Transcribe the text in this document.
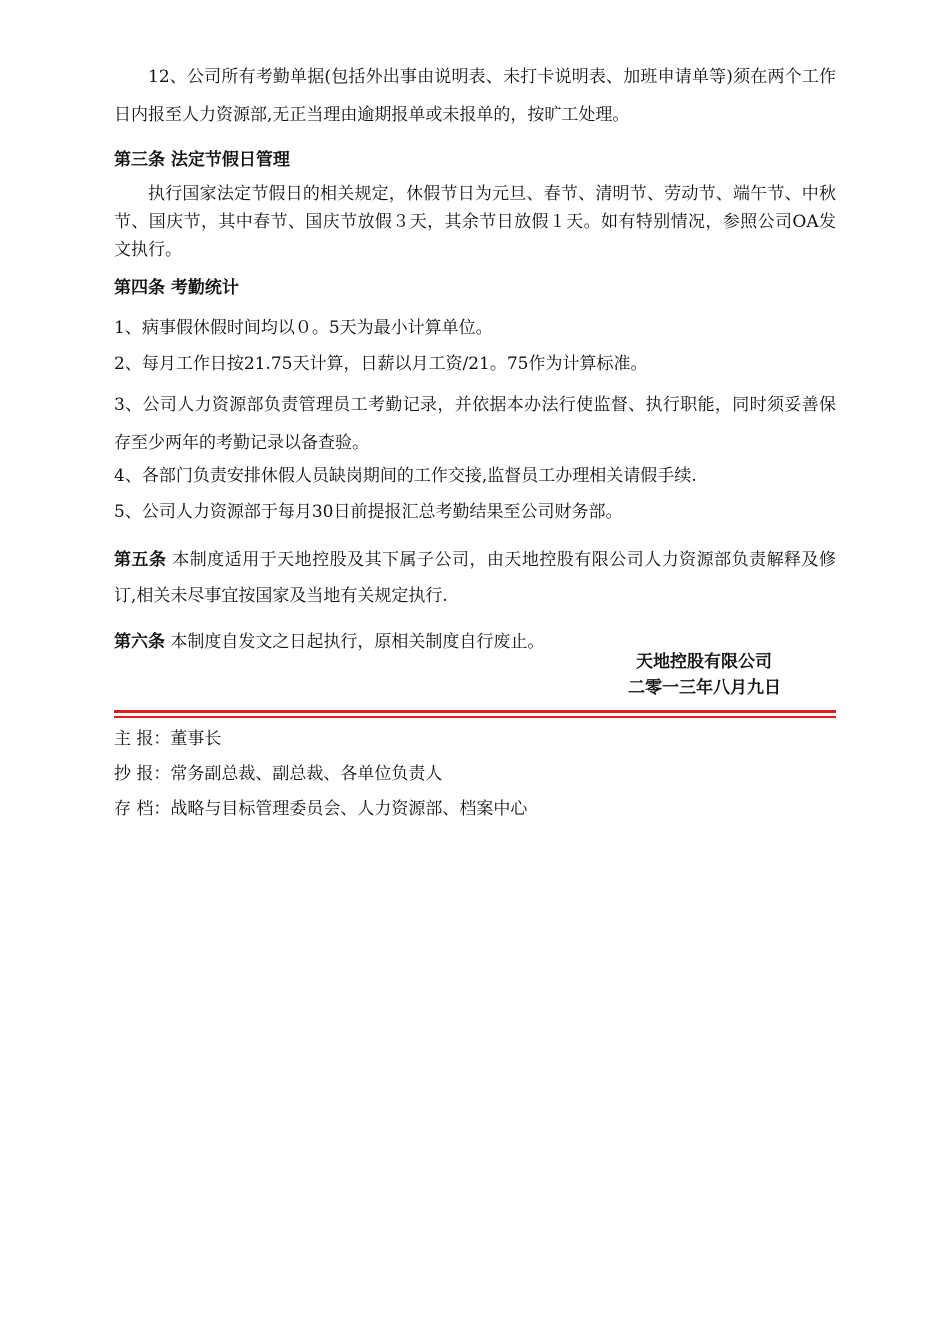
12、公司所有考勤单据(包括外出事由说明表、未打卡说明表、加班申请单等)须在两个工作日内报至人力资源部,无正当理由逾期报单或未报单的，按旷工处理。

第三条 法定节假日管理

执行国家法定节假日的相关规定，休假节日为元旦、春节、清明节、劳动节、端午节、中秋节、国庆节，其中春节、国庆节放假３天，其余节日放假１天。如有特别情况，参照公司OA发文执行。

第四条 考勤统计

1、病事假休假时间均以０。5天为最小计算单位。

2、每月工作日按21.75天计算，日薪以月工资/21。75作为计算标准。

3、公司人力资源部负责管理员工考勤记录，并依据本办法行使监督、执行职能，同时须妥善保存至少两年的考勤记录以备查验。

4、各部门负责安排休假人员缺岗期间的工作交接,监督员工办理相关请假手续.

5、公司人力资源部于每月30日前提报汇总考勤结果至公司财务部。

第五条 本制度适用于天地控股及其下属子公司，由天地控股有限公司人力资源部负责解释及修订,相关未尽事宜按国家及当地有关规定执行.

第六条 本制度自发文之日起执行，原相关制度自行废止。

天地控股有限公司
二零一三年八月九日
主 报：董事长
抄 报：常务副总裁、副总裁、各单位负责人
存 档：战略与目标管理委员会、人力资源部、档案中心
